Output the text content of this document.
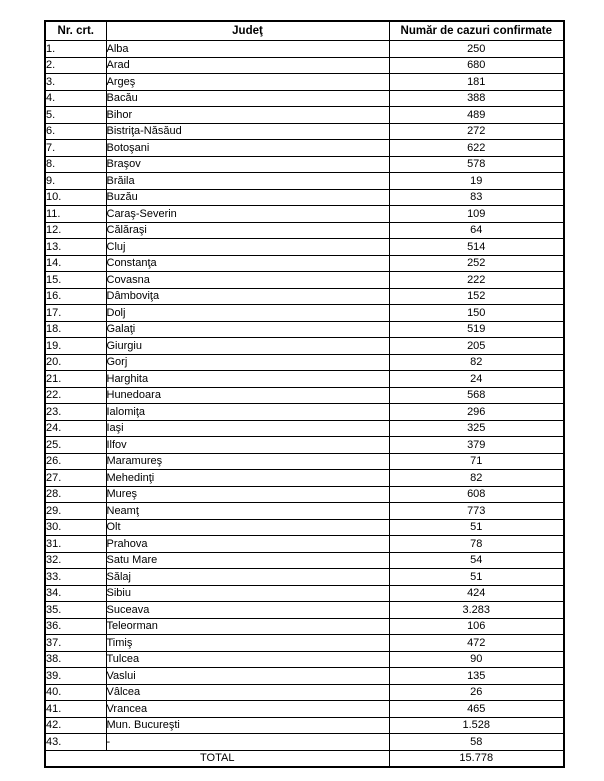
Nr. crt.	Judeţ	Număr de cazuri confirmate
1.	Alba	250
2.	Arad	680
3.	Argeş	181
4.	Bacău	388
5.	Bihor	489
6.	Bistriţa-Năsăud	272
7.	Botoşani	622
8.	Braşov	578
9.	Brăila	19
10.	Buzău	83
11.	Caraş-Severin	109
12.	Călăraşi	64
13.	Cluj	514
14.	Constanţa	252
15.	Covasna	222
16.	Dâmboviţa	152
17.	Dolj	150
18.	Galaţi	519
19.	Giurgiu	205
20.	Gorj	82
21.	Harghita	24
22.	Hunedoara	568
23.	Ialomiţa	296
24.	Iaşi	325
25.	Ilfov	379
26.	Maramureş	71
27.	Mehedinţi	82
28.	Mureş	608
29.	Neamţ	773
30.	Olt	51
31.	Prahova	78
32.	Satu Mare	54
33.	Sălaj	51
34.	Sibiu	424
35.	Suceava	3.283
36.	Teleorman	106
37.	Timiş	472
38.	Tulcea	90
39.	Vaslui	135
40.	Vâlcea	26
41.	Vrancea	465
42.	Mun. Bucureşti	1.528
43.	-	58
TOTAL		15.778
